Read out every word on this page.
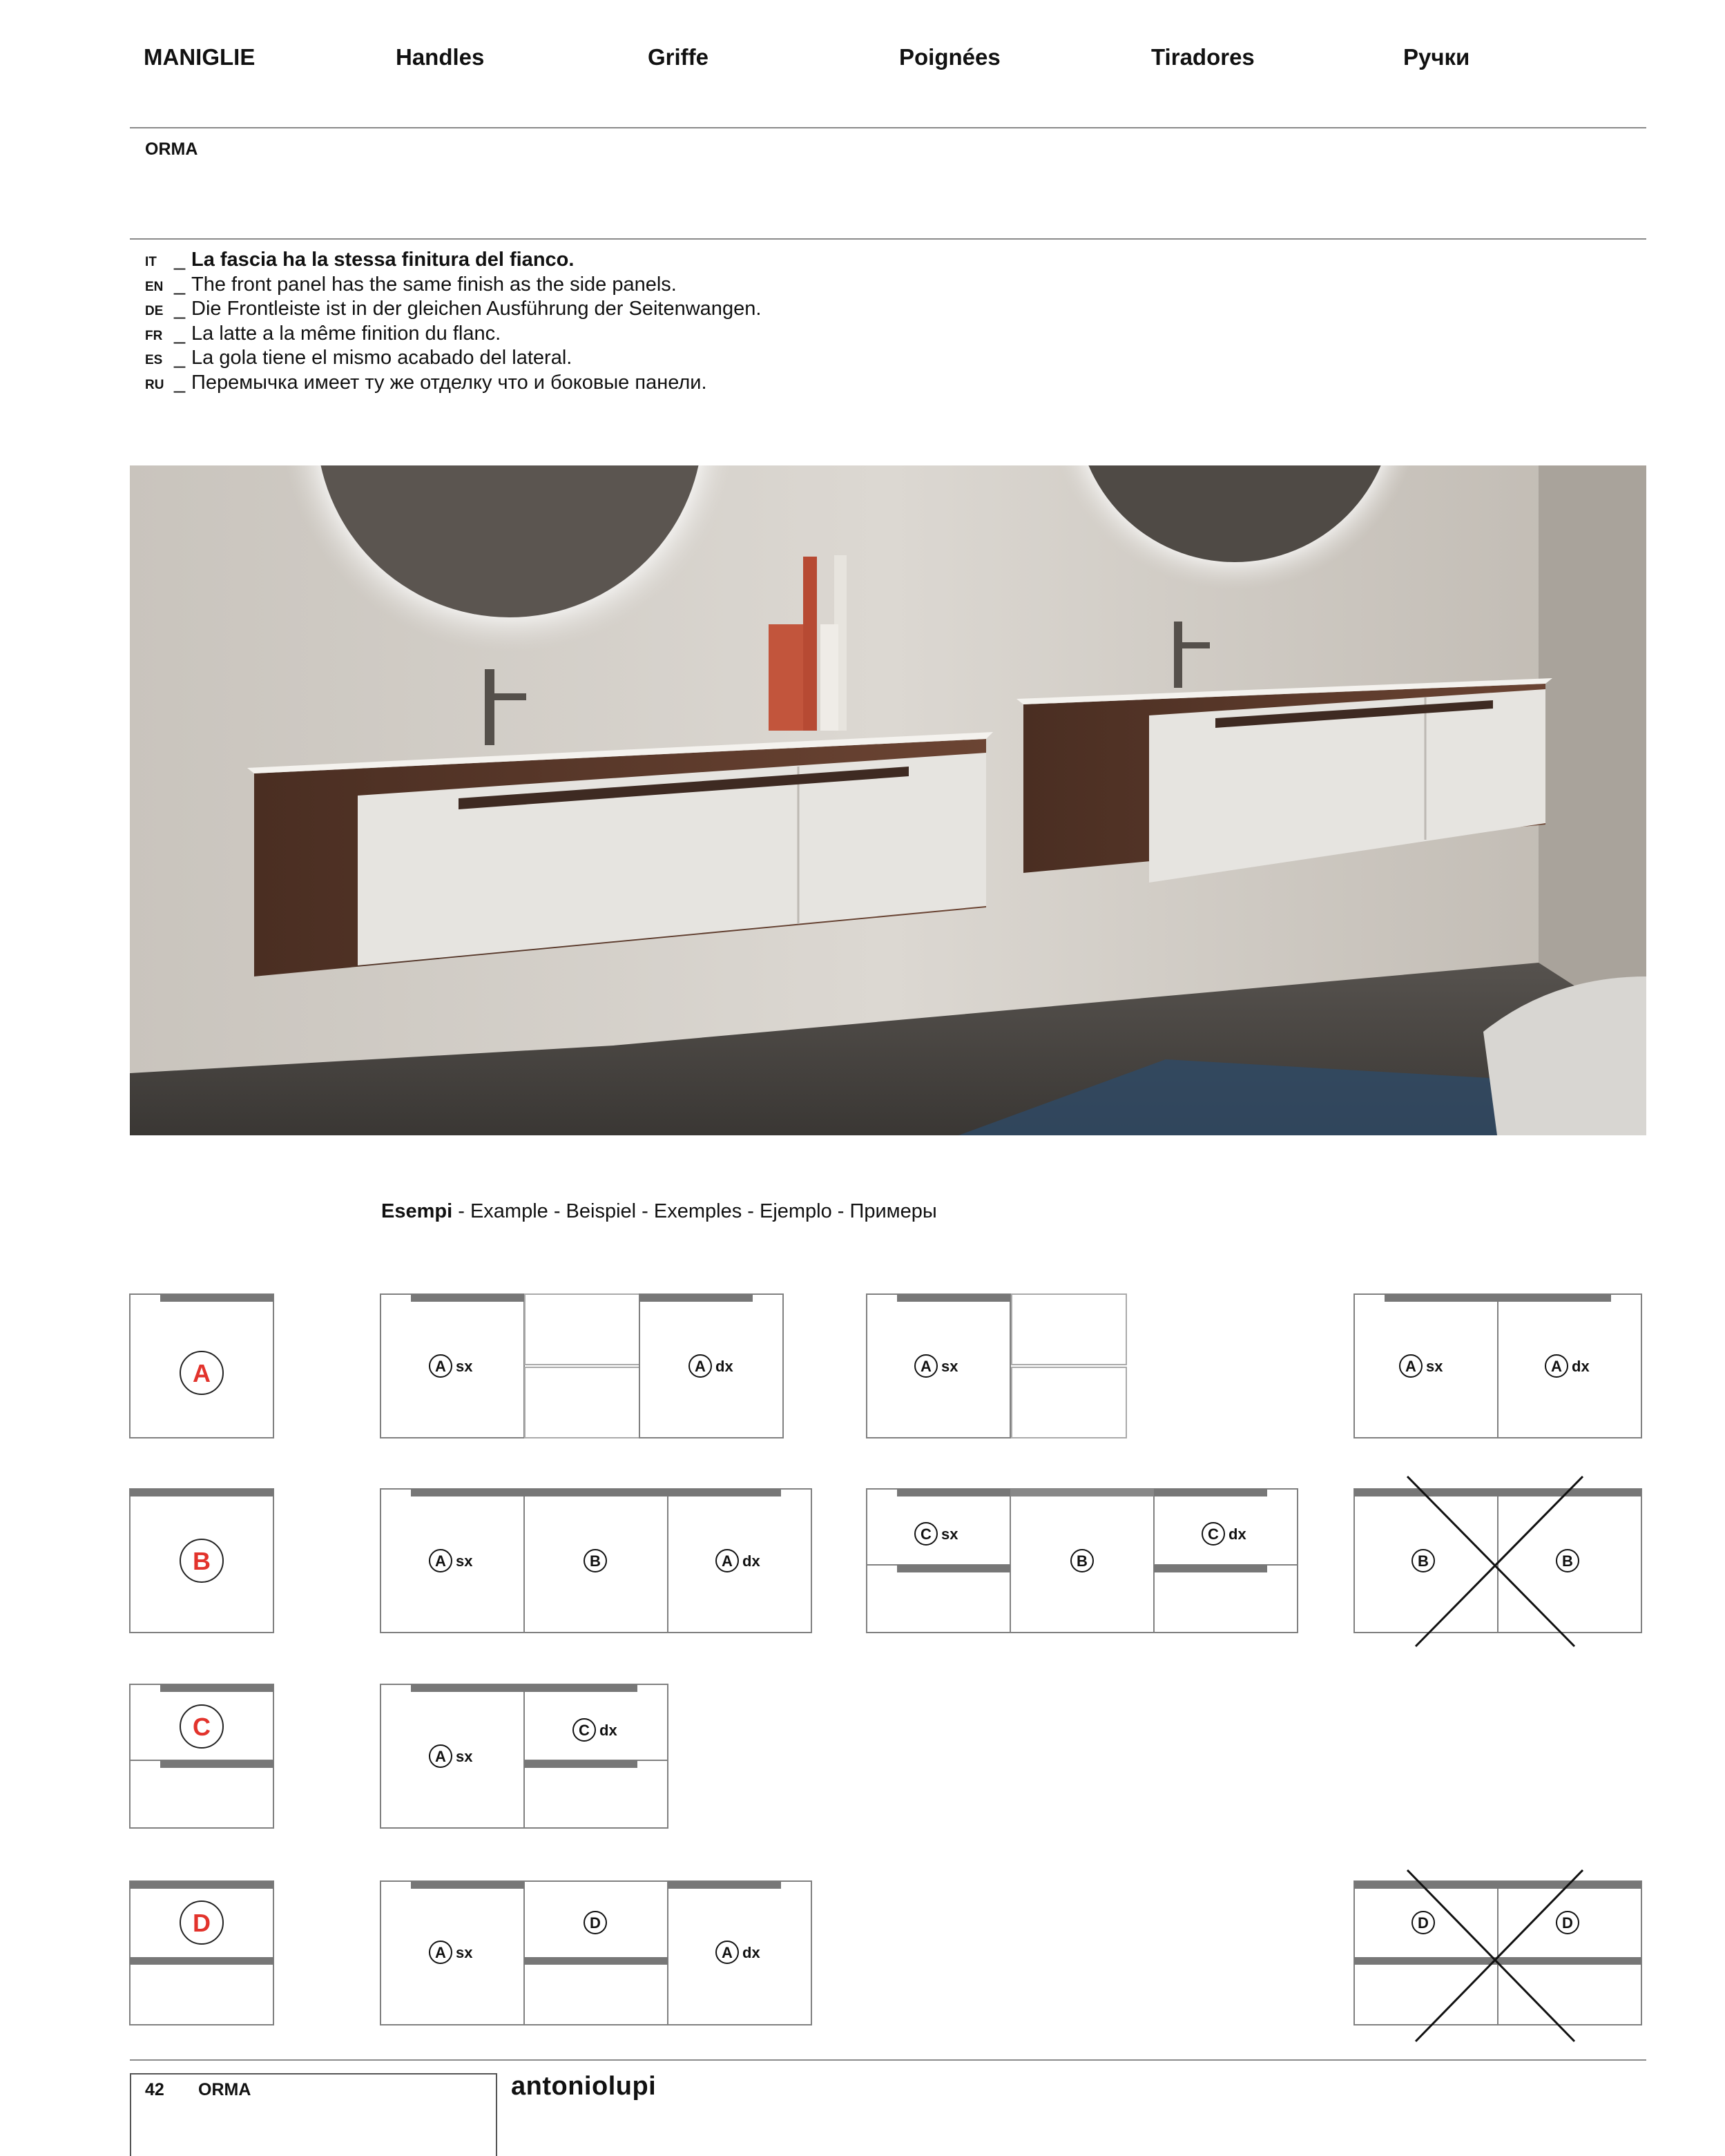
MANIGLIE	Handles	Griffe	Poignées	Tiradores	Ручки
ORMA
IT _ La fascia ha la stessa finitura del fianco.
EN _ The front panel has the same finish as the side panels.
DE _ Die Frontleiste ist in der gleichen Ausführung der Seitenwangen.
FR _ La latte a la même finition du flanc.
ES _ La gola tiene el mismo acabado del lateral.
RU _ Перемычка имеет ту же отделку что и боковые панели.
Esempi - Example - Beispiel - Exemples - Ejemplo - Примеры
A
B
C
D
A sx	A dx	A sx	A sx	A dx
A sx	B	A dx
C sx
B
C dx
B	B
A sx
C dx
A sx
D
A dx
D	D
42 ORMA	antoniolupi
